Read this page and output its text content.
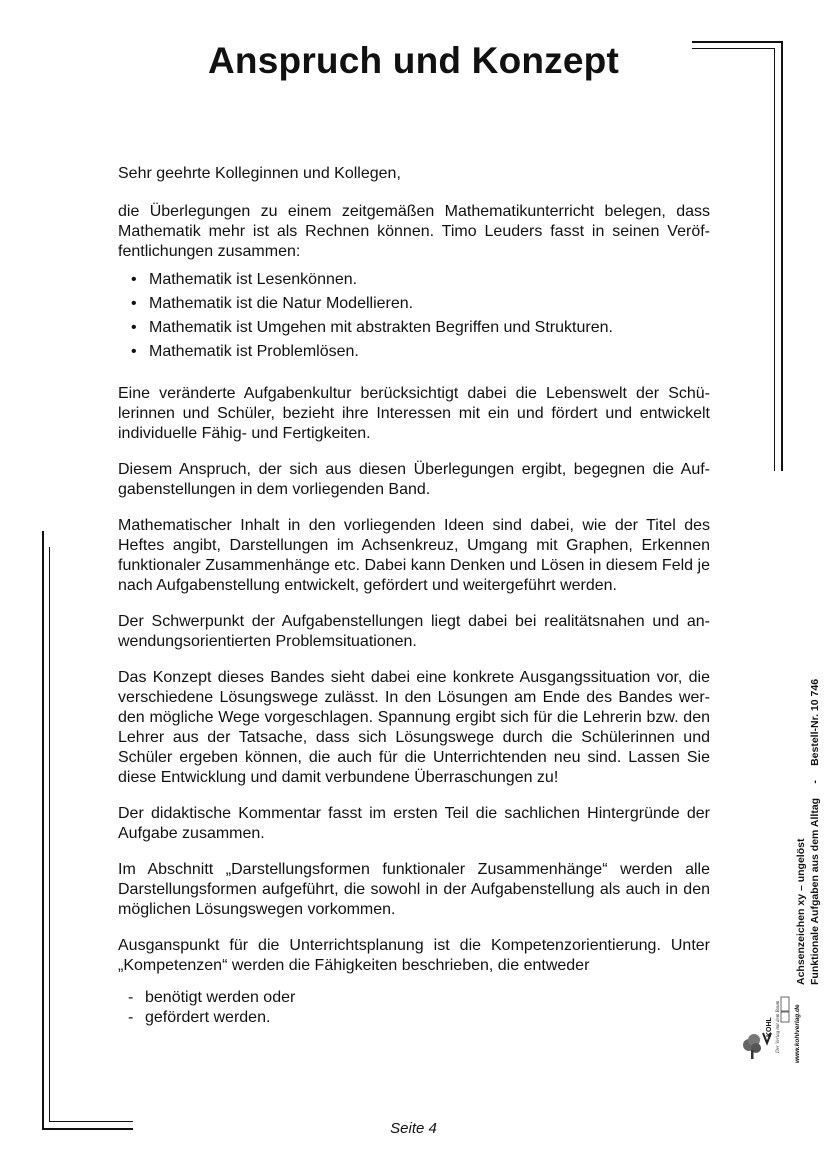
Anspruch und Konzept

Sehr geehrte Kolleginnen und Kollegen,

die Überlegungen zu einem zeitgemäßen Mathematikunterricht belegen, dass Mathematik mehr ist als Rechnen können. Timo Leuders fasst in seinen Veröffentlichungen zusammen:

• Mathematik ist Lesenkönnen.
• Mathematik ist die Natur Modellieren.
• Mathematik ist Umgehen mit abstrakten Begriffen und Strukturen.
• Mathematik ist Problemlösen.

Eine veränderte Aufgabenkultur berücksichtigt dabei die Lebenswelt der Schülerinnen und Schüler, bezieht ihre Interessen mit ein und fördert und entwickelt individuelle Fähig- und Fertigkeiten.

Diesem Anspruch, der sich aus diesen Überlegungen ergibt, begegnen die Aufgabenstellungen in dem vorliegenden Band.

Mathematischer Inhalt in den vorliegenden Ideen sind dabei, wie der Titel des Heftes angibt, Darstellungen im Achsenkreuz, Umgang mit Graphen, Erkennen funktionaler Zusammenhänge etc. Dabei kann Denken und Lösen in diesem Feld je nach Aufgabenstellung entwickelt, gefördert und weitergeführt werden.

Der Schwerpunkt der Aufgabenstellungen liegt dabei bei realitätsnahen und anwendungsorientierten Problemsituationen.

Das Konzept dieses Bandes sieht dabei eine konkrete Ausgangssituation vor, die verschiedene Lösungswege zulässt. In den Lösungen am Ende des Bandes werden mögliche Wege vorgeschlagen. Spannung ergibt sich für die Lehrerin bzw. den Lehrer aus der Tatsache, dass sich Lösungswege durch die Schülerinnen und Schüler ergeben können, die auch für die Unterrichtenden neu sind. Lassen Sie diese Entwicklung und damit verbundene Überraschungen zu!

Der didaktische Kommentar fasst im ersten Teil die sachlichen Hintergründe der Aufgabe zusammen.

Im Abschnitt „Darstellungsformen funktionaler Zusammenhänge“ werden alle Darstellungsformen aufgeführt, die sowohl in der Aufgabenstellung als auch in den möglichen Lösungswegen vorkommen.

Ausganspunkt für die Unterrichtsplanung ist die Kompetenzorientierung. Unter „Kompetenzen“ werden die Fähigkeiten beschrieben, die entweder

- benötigt werden oder
- gefördert werden.
Achsenzeichen xy – ungelöst Funktionale Aufgaben aus dem Alltag-Bestell-Nr. 10 746
KOHL Der Verlag mit dem Baum www.kohlverlag.de
Seite 4
